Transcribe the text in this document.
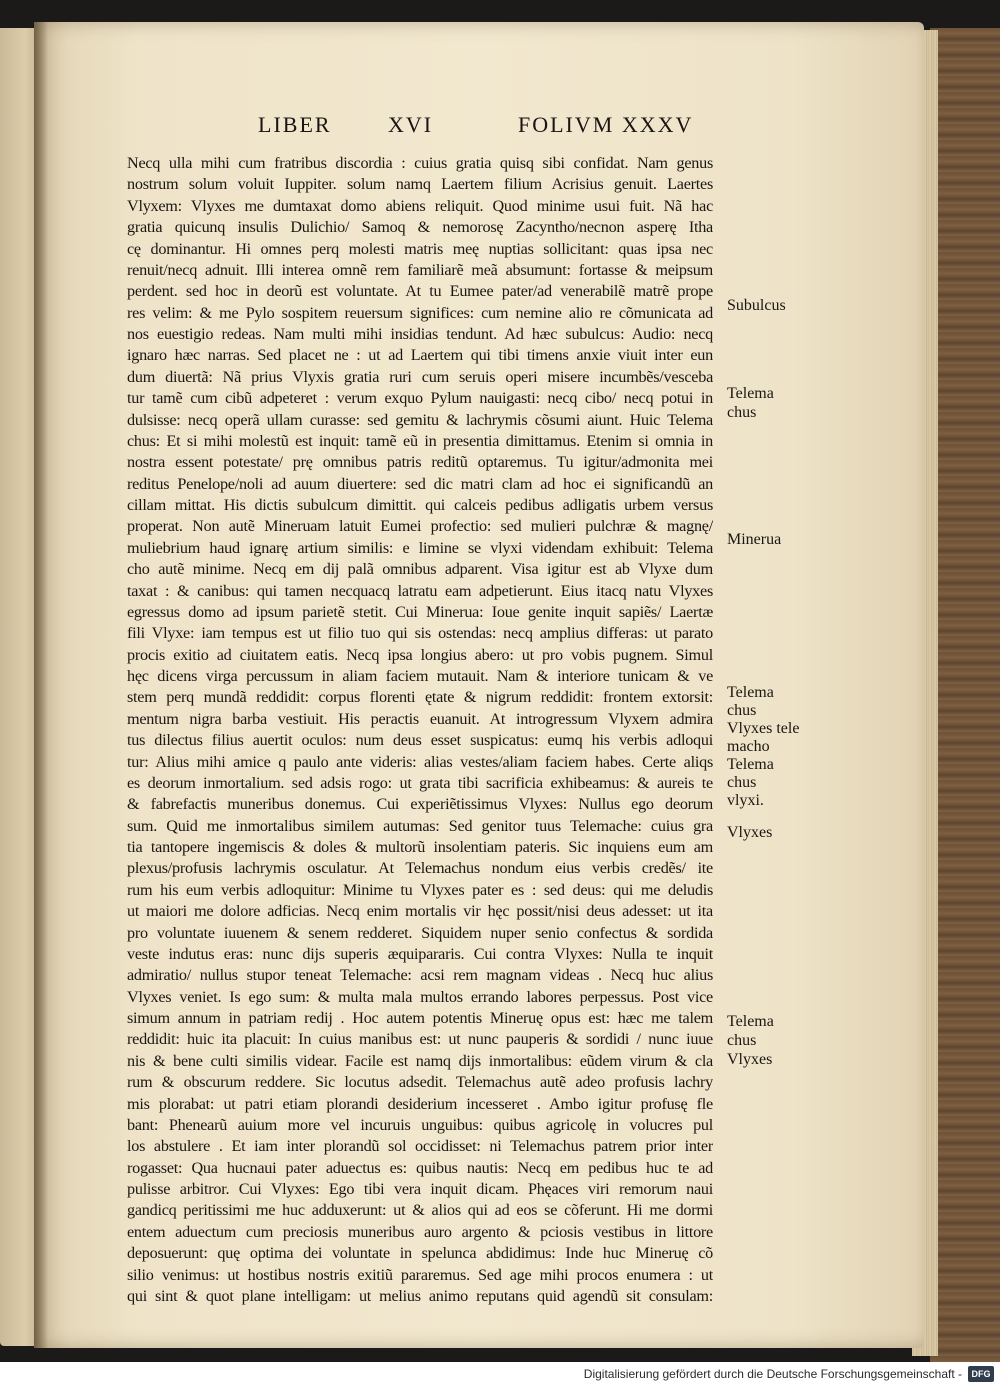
LIBER	XVI	FOLIVM XXXV
Necq ulla mihi cum fratribus discordia : cuius gratia quisq sibi confidat. Nam genus
nostrum solum voluit Iuppiter. solum namq Laertem filium Acrisius genuit. Laertes
Vlyxem: Vlyxes me dumtaxat domo abiens reliquit. Quod minime usui fuit. Nã hac
gratia quicunq insulis Dulichio/ Samoq & nemorosę Zacyntho/necnon asperę Itha
cę dominantur. Hi omnes perq molesti matris meę nuptias sollicitant: quas ipsa nec
renuit/necq adnuit. Illi interea omnẽ rem familiarẽ meã absumunt: fortasse & meipsum
perdent. sed hoc in deorũ est voluntate. At tu Eumee pater/ad venerabilẽ matrẽ prope
res velim: & me Pylo sospitem reuersum significes: cum nemine alio re cõmunicata ad
nos euestigio redeas. Nam multi mihi insidias tendunt. Ad hæc subulcus: Audio: necq
ignaro hæc narras. Sed placet ne : ut ad Laertem qui tibi timens anxie viuit inter eun
dum diuertã: Nã prius Vlyxis gratia ruri cum seruis operi misere incumbẽs/vesceba
tur tamẽ cum cibũ adpeteret : verum exquo Pylum nauigasti: necq cibo/ necq potui in
dulsisse: necq operã ullam curasse: sed gemitu & lachrymis cõsumi aiunt. Huic Telema
chus: Et si mihi molestũ est inquit: tamẽ eũ in presentia dimittamus. Etenim si omnia in
nostra essent potestate/ prę omnibus patris reditũ optaremus. Tu igitur/admonita mei
reditus Penelope/noli ad auum diuertere: sed dic matri clam ad hoc ei significandũ an
cillam mittat. His dictis subulcum dimittit. qui calceis pedibus adligatis urbem versus
properat. Non autẽ Mineruam latuit Eumei profectio: sed mulieri pulchræ & magnę/
muliebrium haud ignarę artium similis: e limine se vlyxi videndam exhibuit: Telema
cho autẽ minime. Necq em dij palã omnibus adparent. Visa igitur est ab Vlyxe dum
taxat : & canibus: qui tamen necquacq latratu eam adpetierunt. Eius itacq natu Vlyxes
egressus domo ad ipsum parietẽ stetit. Cui Minerua: Ioue genite inquit sapiẽs/ Laertæ
fili Vlyxe: iam tempus est ut filio tuo qui sis ostendas: necq amplius differas: ut parato
procis exitio ad ciuitatem eatis. Necq ipsa longius abero: ut pro vobis pugnem. Simul
hęc dicens virga percussum in aliam faciem mutauit. Nam & interiore tunicam & ve
stem perq mundã reddidit: corpus florenti ętate & nigrum reddidit: frontem extorsit:
mentum nigra barba vestiuit. His peractis euanuit. At introgressum Vlyxem admira
tus dilectus filius auertit oculos: num deus esset suspicatus: eumq his verbis adloqui
tur: Alius mihi amice q paulo ante videris: alias vestes/aliam faciem habes. Certe aliqs
es deorum inmortalium. sed adsis rogo: ut grata tibi sacrificia exhibeamus: & aureis te
& fabrefactis muneribus donemus. Cui experiẽtissimus Vlyxes: Nullus ego deorum
sum. Quid me inmortalibus similem autumas: Sed genitor tuus Telemache: cuius gra
tia tantopere ingemiscis & doles & multorũ insolentiam pateris. Sic inquiens eum am
plexus/profusis lachrymis osculatur. At Telemachus nondum eius verbis credẽs/ ite
rum his eum verbis adloquitur: Minime tu Vlyxes pater es : sed deus: qui me deludis
ut maiori me dolore adficias. Necq enim mortalis vir hęc possit/nisi deus adesset: ut ita
pro voluntate iuuenem & senem redderet. Siquidem nuper senio confectus & sordida
veste indutus eras: nunc dijs superis æquipararis. Cui contra Vlyxes: Nulla te inquit
admiratio/ nullus stupor teneat Telemache: acsi rem magnam videas . Necq huc alius
Vlyxes veniet. Is ego sum: & multa mala multos errando labores perpessus. Post vice
simum annum in patriam redij . Hoc autem potentis Mineruę opus est: hæc me talem
reddidit: huic ita placuit: In cuius manibus est: ut nunc pauperis & sordidi / nunc iuue
nis & bene culti similis videar. Facile est namq dijs inmortalibus: eũdem virum & cla
rum & obscurum reddere. Sic locutus adsedit. Telemachus autẽ adeo profusis lachry
mis plorabat: ut patri etiam plorandi desiderium incesseret . Ambo igitur profusę fle
bant: Phenearũ auium more vel incuruis unguibus: quibus agricolę in volucres pul
los abstulere . Et iam inter plorandũ sol occidisset: ni Telemachus patrem prior inter
rogasset: Qua hucnaui pater aduectus es: quibus nautis: Necq em pedibus huc te ad
pulisse arbitror. Cui Vlyxes: Ego tibi vera inquit dicam. Phęaces viri remorum naui
gandicq peritissimi me huc adduxerunt: ut & alios qui ad eos se cõferunt. Hi me dormi
entem aduectum cum preciosis muneribus auro argento & pciosis vestibus in littore
deposuerunt: quę optima dei voluntate in spelunca abdidimus: Inde huc Mineruę cõ
silio venimus: ut hostibus nostris exitiũ pararemus. Sed age mihi procos enumera : ut
qui sint & quot plane intelligam: ut melius animo reputans quid agendũ sit consulam:
Subulcus
Telema
chus
Minerua
Telema
chus
Vlyxes tele
macho
Telema
chus
vlyxi.
Vlyxes
Telema
chus
Vlyxes
Digitalisierung gefördert durch die Deutsche Forschungsgemeinschaft -	DFG
